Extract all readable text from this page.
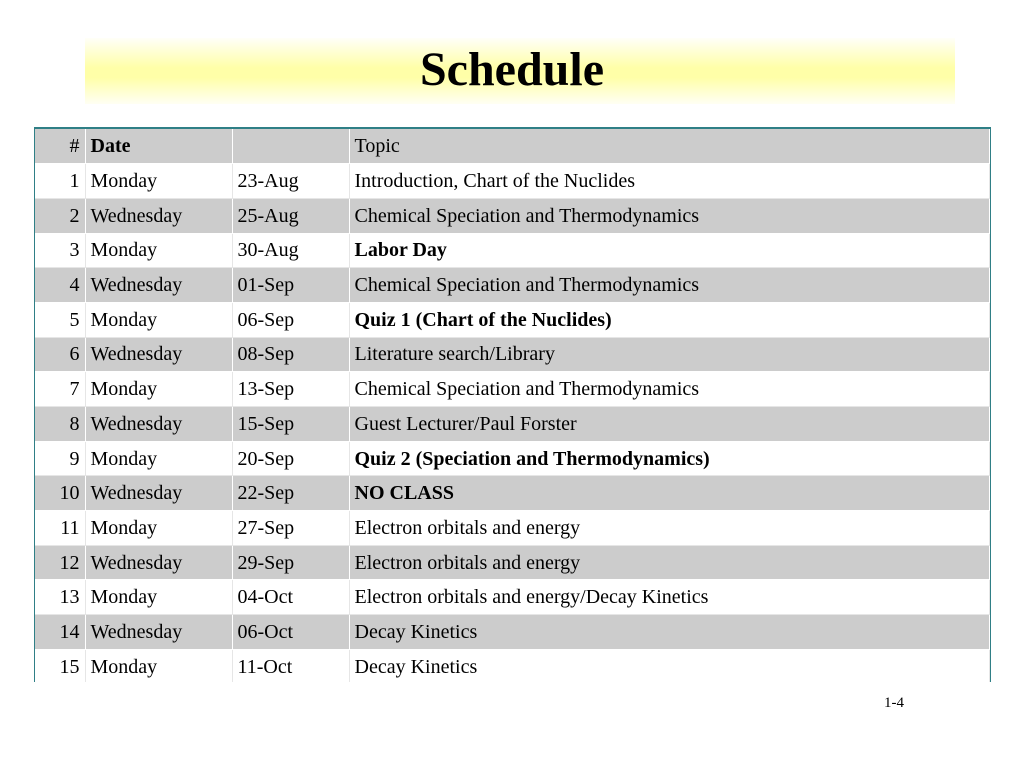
Schedule
#	Date		Topic
1	Monday	23-Aug	Introduction, Chart of the Nuclides
2	Wednesday	25-Aug	Chemical Speciation and Thermodynamics
3	Monday	30-Aug	Labor Day
4	Wednesday	01-Sep	Chemical Speciation and Thermodynamics
5	Monday	06-Sep	Quiz 1 (Chart of the Nuclides)
6	Wednesday	08-Sep	Literature search/Library
7	Monday	13-Sep	Chemical Speciation and Thermodynamics
8	Wednesday	15-Sep	Guest Lecturer/Paul Forster
9	Monday	20-Sep	Quiz 2 (Speciation and Thermodynamics)
10	Wednesday	22-Sep	NO CLASS
11	Monday	27-Sep	Electron orbitals and energy
12	Wednesday	29-Sep	Electron orbitals and energy
13	Monday	04-Oct	Electron orbitals and energy/Decay Kinetics
14	Wednesday	06-Oct	Decay Kinetics
15	Monday	11-Oct	Decay Kinetics
1-4
